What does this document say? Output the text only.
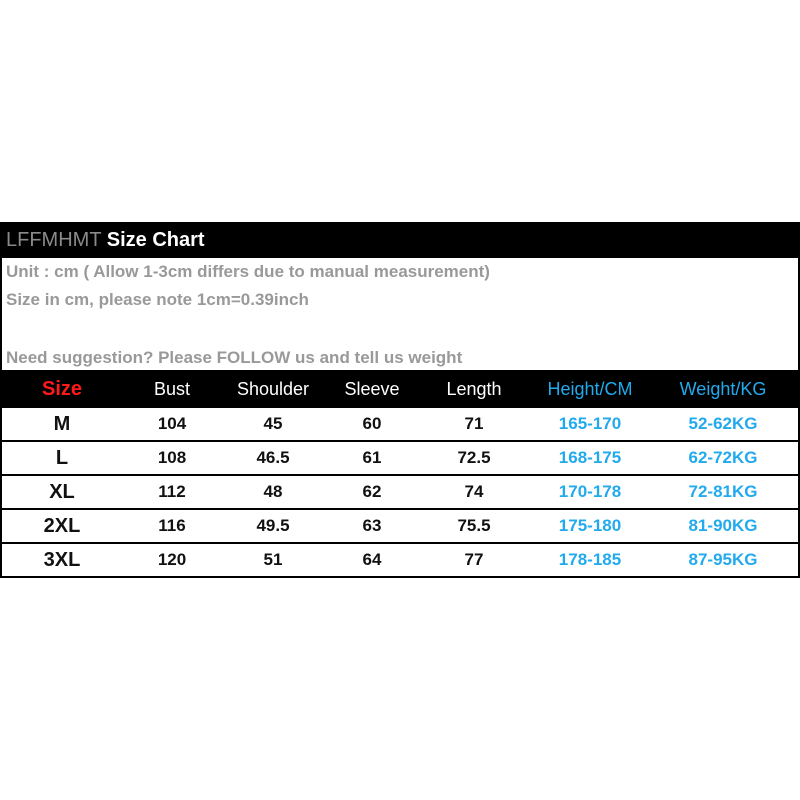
LFFMHMT Size Chart
Unit : cm ( Allow 1-3cm differs due to manual measurement)
Size in cm, please note 1cm=0.39inch
Need suggestion? Please FOLLOW us and tell us weight
Size	Bust	Shoulder	Sleeve	Length	Height/CM	Weight/KG
M	104	45	60	71	165-170	52-62KG
L	108	46.5	61	72.5	168-175	62-72KG
XL	112	48	62	74	170-178	72-81KG
2XL	116	49.5	63	75.5	175-180	81-90KG
3XL	120	51	64	77	178-185	87-95KG
